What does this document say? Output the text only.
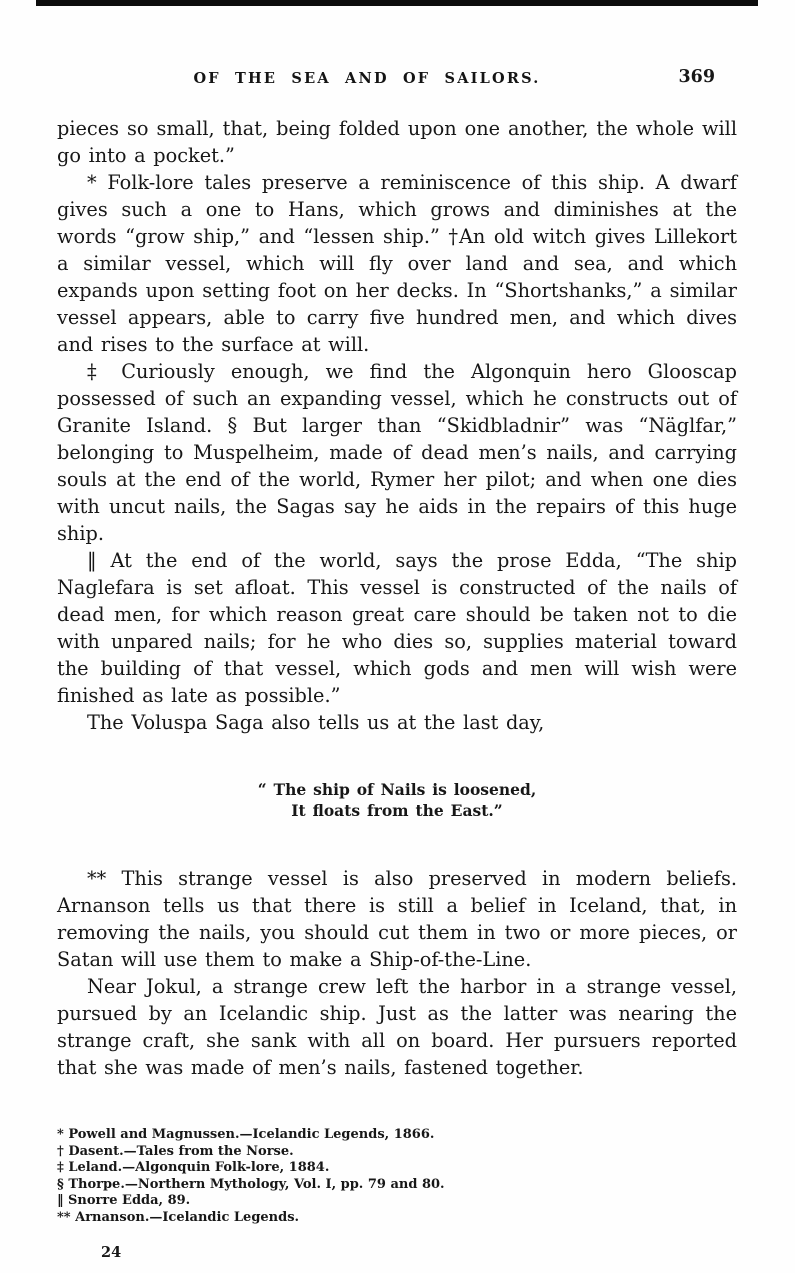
OF THE SEA AND OF SAILORS.	369

pieces so small, that, being folded upon one another, the whole will go into a pocket.”

* Folk-lore tales preserve a reminiscence of this ship. A dwarf gives such a one to Hans, which grows and diminishes at the words “grow ship,” and “lessen ship.” †An old witch gives Lillekort a similar vessel, which will fly over land and sea, and which expands upon setting foot on her decks. In “Shortshanks,” a similar vessel appears, able to carry five hundred men, and which dives and rises to the surface at will.

‡ Curiously enough, we find the Algonquin hero Glooscap possessed of such an expanding vessel, which he constructs out of Granite Island. § But larger than “Skidbladnir” was “Näglfar,” belonging to Muspelheim, made of dead men’s nails, and carrying souls at the end of the world, Rymer her pilot; and when one dies with uncut nails, the Sagas say he aids in the repairs of this huge ship.

‖ At the end of the world, says the prose Edda, “The ship Naglefara is set afloat. This vessel is constructed of the nails of dead men, for which reason great care should be taken not to die with unpared nails; for he who dies so, supplies material toward the building of that vessel, which gods and men will wish were finished as late as possible.”

The Voluspa Saga also tells us at the last day,

“ The ship of Nails is loosened,
It floats from the East.”

** This strange vessel is also preserved in modern beliefs. Arnanson tells us that there is still a belief in Iceland, that, in removing the nails, you should cut them in two or more pieces, or Satan will use them to make a Ship-of-the-Line.

Near Jokul, a strange crew left the harbor in a strange vessel, pursued by an Icelandic ship. Just as the latter was nearing the strange craft, she sank with all on board. Her pursuers reported that she was made of men’s nails, fastened together.

* Powell and Magnussen.—Icelandic Legends, 1866.

† Dasent.—Tales from the Norse.

‡ Leland.—Algonquin Folk-lore, 1884.

§ Thorpe.—Northern Mythology, Vol. I, pp. 79 and 80.

‖ Snorre Edda, 89.

** Arnanson.—Icelandic Legends.

24
